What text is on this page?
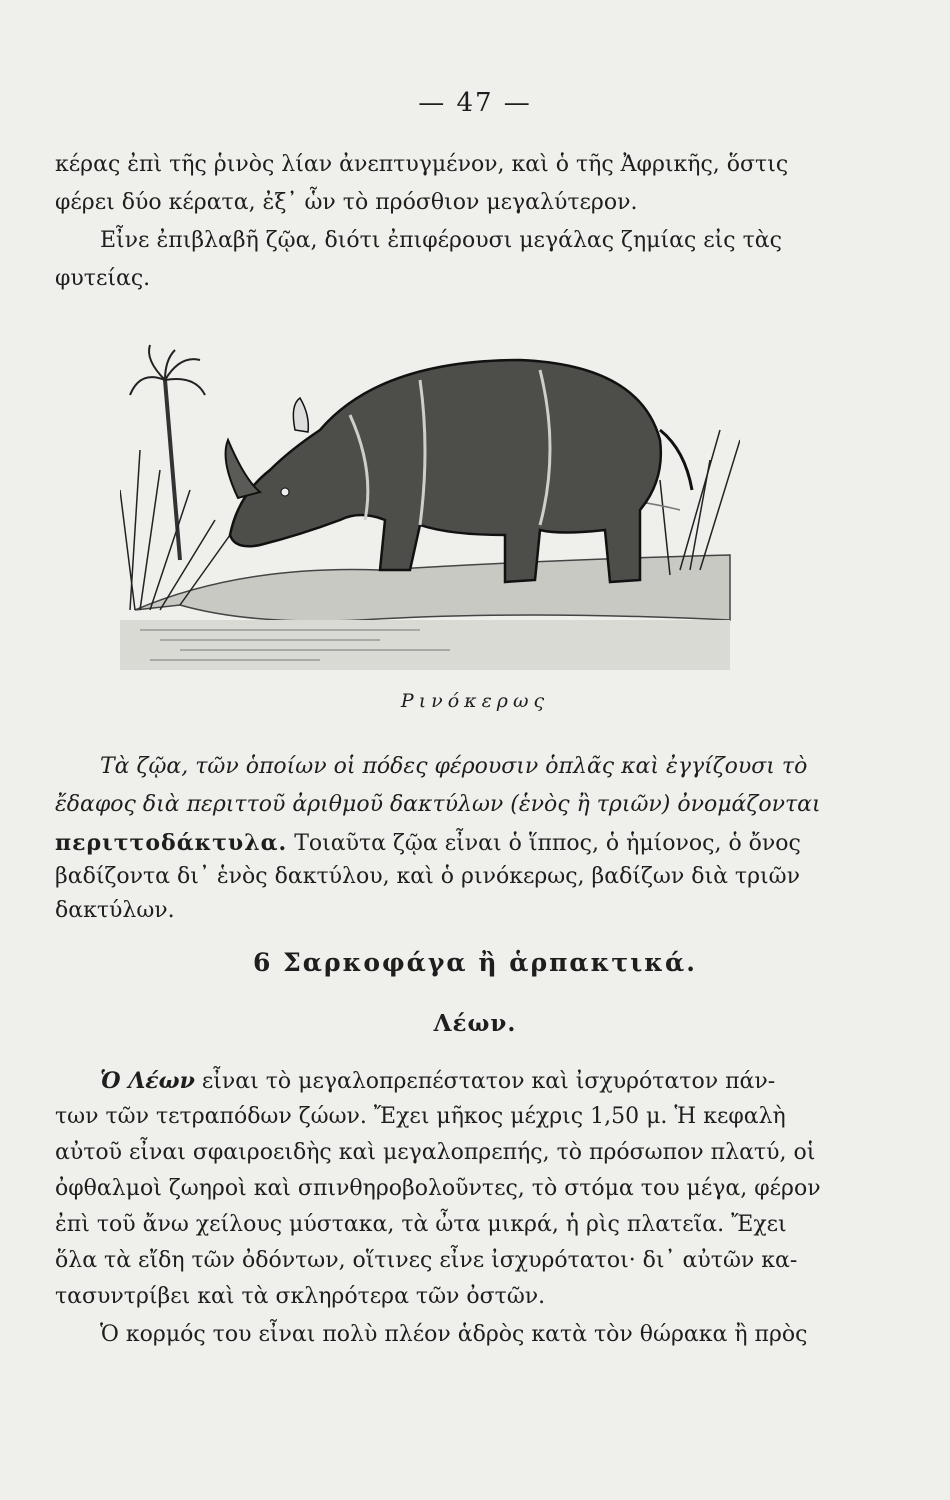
— 47 —
κέρας ἐπὶ τῆς ῥινὸς λίαν ἀνεπτυγμένον, καὶ ὁ τῆς Ἀφρικῆς, ὅστις
φέρει δύο κέρατα, ἐξ᾽ ὧν τὸ πρόσθιον μεγαλύτερον.
Εἶνε ἐπιβλαβῆ ζῷα, διότι ἐπιφέρουσι μεγάλας ζημίας εἰς τὰς
φυτείας.
Ρινόκερως
Τὰ ζῷα, τῶν ὁποίων οἱ πόδες φέρουσιν ὁπλᾶς καὶ ἐγγίζουσι τὸ
ἔδαφος διὰ περιττοῦ ἀριθμοῦ δακτύλων (ἑνὸς ἢ τριῶν) ὀνομάζονται
περιττοδάκτυλα. Τοιαῦτα ζῷα εἶναι ὁ ἵππος, ὁ ἡμίονος, ὁ ὄνος
βαδίζοντα δι᾽ ἑνὸς δακτύλου, καὶ ὁ ρινόκερως, βαδίζων διὰ τριῶν
δακτύλων.
6 Σαρκοφάγα ἢ ἁρπακτικά.
Λέων.
Ὁ Λέων εἶναι τὸ μεγαλοπρεπέστατον καὶ ἰσχυρότατον πάν-
των τῶν τετραπόδων ζώων. Ἔχει μῆκος μέχρις 1,50 μ. Ἡ κεφαλὴ
αὐτοῦ εἶναι σφαιροειδὴς καὶ μεγαλοπρεπής, τὸ πρόσωπον πλατύ, οἱ
ὀφθαλμοὶ ζωηροὶ καὶ σπινθηροβολοῦντες, τὸ στόμα του μέγα, φέρον
ἐπὶ τοῦ ἄνω χείλους μύστακα, τὰ ὦτα μικρά, ἡ ρὶς πλατεῖα. Ἔχει
ὅλα τὰ εἴδη τῶν ὀδόντων, οἵτινες εἶνε ἰσχυρότατοι· δι᾽ αὐτῶν κα-
τασυντρίβει καὶ τὰ σκληρότερα τῶν ὀστῶν.
Ὁ κορμός του εἶναι πολὺ πλέον ἁδρὸς κατὰ τὸν θώρακα ἢ πρὸς
